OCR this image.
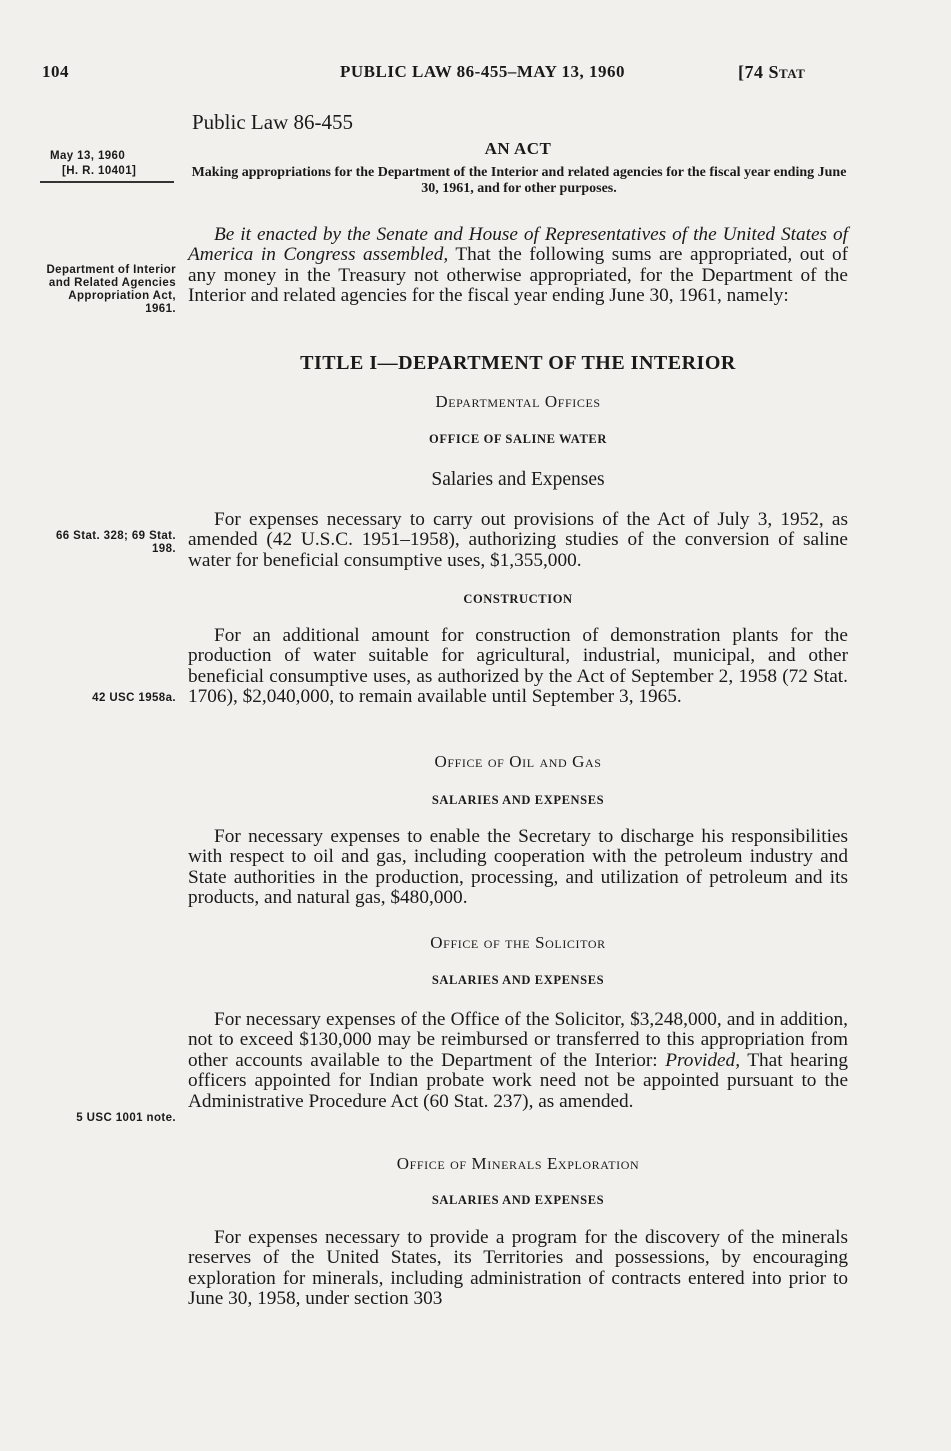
104	PUBLIC LAW 86-455–MAY 13, 1960	[74 Stat
Public Law 86-455
May 13, 1960
[H. R. 10401]
AN ACT
Making appropriations for the Department of the Interior and related agencies for the fiscal year ending June 30, 1961, and for other purposes.
Department of Interior and Related Agencies Appropriation Act, 1961.

Be it enacted by the Senate and House of Representatives of the United States of America in Congress assembled, That the following sums are appropriated, out of any money in the Treasury not otherwise appropriated, for the Department of the Interior and related agencies for the fiscal year ending June 30, 1961, namely:

TITLE I—DEPARTMENT OF THE INTERIOR
Departmental Offices
OFFICE OF SALINE WATER
Salaries and Expenses
66 Stat. 328; 69 Stat. 198.

For expenses necessary to carry out provisions of the Act of July 3, 1952, as amended (42 U.S.C. 1951–1958), authorizing studies of the conversion of saline water for beneficial consumptive uses, $1,355,000.

CONSTRUCTION
42 USC 1958a.

For an additional amount for construction of demonstration plants for the production of water suitable for agricultural, industrial, municipal, and other beneficial consumptive uses, as authorized by the Act of September 2, 1958 (72 Stat. 1706), $2,040,000, to remain available until September 3, 1965.

Office of Oil and Gas
SALARIES AND EXPENSES

For necessary expenses to enable the Secretary to discharge his responsibilities with respect to oil and gas, including cooperation with the petroleum industry and State authorities in the production, processing, and utilization of petroleum and its products, and natural gas, $480,000.

Office of the Solicitor
SALARIES AND EXPENSES
5 USC 1001 note.

For necessary expenses of the Office of the Solicitor, $3,248,000, and in addition, not to exceed $130,000 may be reimbursed or transferred to this appropriation from other accounts available to the Department of the Interior: Provided, That hearing officers appointed for Indian probate work need not be appointed pursuant to the Administrative Procedure Act (60 Stat. 237), as amended.

Office of Minerals Exploration
SALARIES AND EXPENSES

For expenses necessary to provide a program for the discovery of the minerals reserves of the United States, its Territories and possessions, by encouraging exploration for minerals, including administration of contracts entered into prior to June 30, 1958, under section 303
